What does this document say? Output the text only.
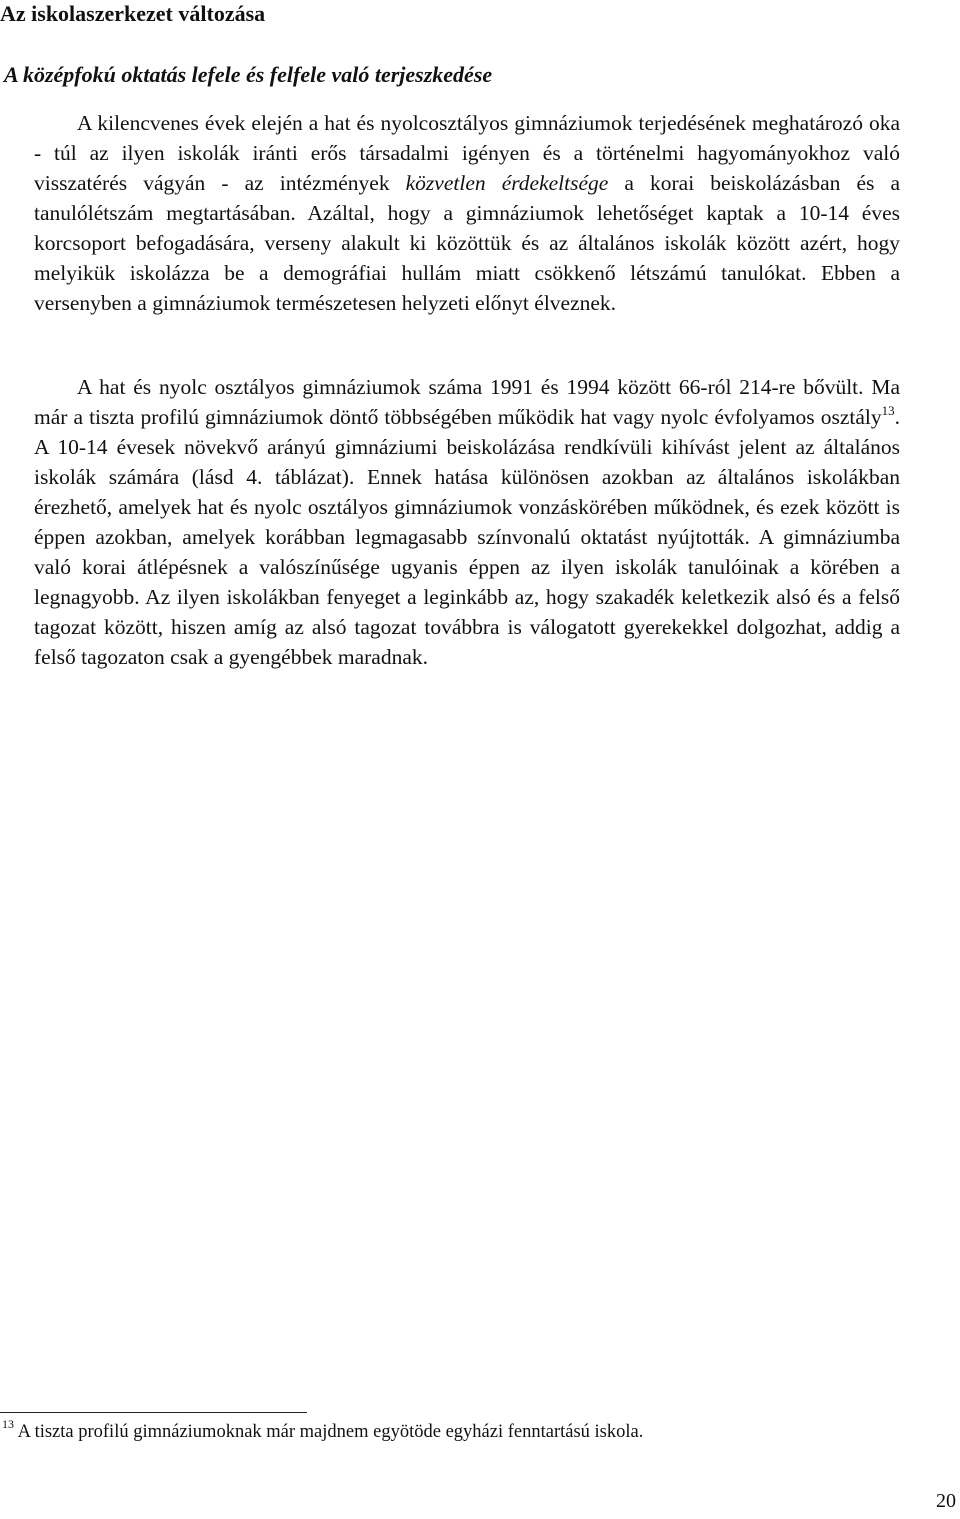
Az iskolaszerkezet változása
A középfokú oktatás lefele és felfele való terjeszkedése

A kilencvenes évek elején a hat és nyolcosztályos gimnáziumok terjedésének meghatározó oka - túl az ilyen iskolák iránti erős társadalmi igényen és a történelmi hagyományokhoz való visszatérés vágyán - az intézmények közvetlen érdekeltsége a korai beiskolázásban és a tanulólétszám megtartásában. Azáltal, hogy a gimnáziumok lehetőséget kaptak a 10-14 éves korcsoport befogadására, verseny alakult ki közöttük és az általános iskolák között azért, hogy melyikük iskolázza be a demográfiai hullám miatt csökkenő létszámú tanulókat. Ebben a versenyben a gimnáziumok természetesen helyzeti előnyt élveznek.

A hat és nyolc osztályos gimnáziumok száma 1991 és 1994 között 66-ról 214-re bővült. Ma már a tiszta profilú gimnáziumok döntő többségében működik hat vagy nyolc évfolyamos osztály$^{13}$. A 10-14 évesek növekvő arányú gimnáziumi beiskolázása rendkívüli kihívást jelent az általános iskolák számára (lásd 4. táblázat). Ennek hatása különösen azokban az általános iskolákban érezhető, amelyek hat és nyolc osztályos gimnáziumok vonzáskörében működnek, és ezek között is éppen azokban, amelyek korábban legmagasabb színvonalú oktatást nyújtották. A gimnáziumba való korai átlépésnek a valószínűsége ugyanis éppen az ilyen iskolák tanulóinak a körében a legnagyobb. Az ilyen iskolákban fenyeget a leginkább az, hogy szakadék keletkezik alsó és a felső tagozat között, hiszen amíg az alsó tagozat továbbra is válogatott gyerekekkel dolgozhat, addig a felső tagozaton csak a gyengébbek maradnak.

$^{13}$ A tiszta profilú gimnáziumoknak már majdnem egyötöde egyházi fenntartású iskola.

20
